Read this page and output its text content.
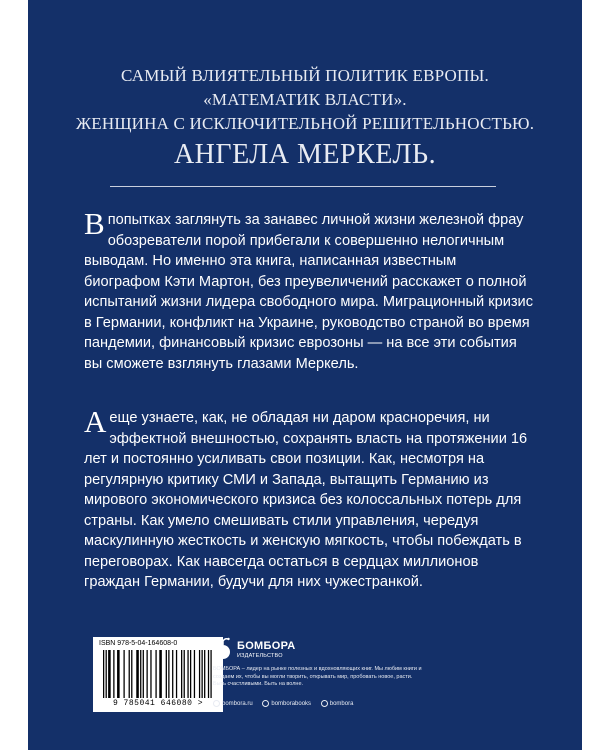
САМЫЙ ВЛИЯТЕЛЬНЫЙ ПОЛИТИК ЕВРОПЫ.
«МАТЕМАТИК ВЛАСТИ».
ЖЕНЩИНА С ИСКЛЮЧИТЕЛЬНОЙ РЕШИТЕЛЬНОСТЬЮ.
АНГЕЛА МЕРКЕЛЬ.
В попытках заглянуть за занавес личной жизни железной фрау обозреватели порой прибегали к совершенно нелогичным выводам. Но именно эта книга, написанная известным биографом Кэти Мартон, без преувеличений расскажет о полной испытаний жизни лидера свободного мира. Миграционный кризис в Германии, конфликт на Украине, руководство страной во время пандемии, финансовый кризис еврозоны — на все эти события вы сможете взглянуть глазами Меркель.
А еще узнаете, как, не обладая ни даром красноречия, ни эффектной внешностью, сохранять власть на протяжении 16 лет и постоянно усиливать свои позиции. Как, несмотря на регулярную критику СМИ и Запада, вытащить Германию из мирового экономического кризиса без колоссальных потерь для страны. Как умело смешивать стили управления, чередуя маскулинную жесткость и женскую мягкость, чтобы побеждать в переговорах. Как навсегда остаться в сердцах миллионов граждан Германии, будучи для них чужестранкой.
ISBN 978-5-04-164608-0
9 785041 646080 >
БОМБОРА
ИЗДАТЕЛЬСТВО
БОМБОРА – лидер на рынке полезных и вдохновляющих книг. Мы любим книги и создаем их, чтобы вы могли творить, открывать мир, пробовать новое, расти. Быть счастливыми. Быть на волне.
bombora.ru	bomborabooks	bombora
